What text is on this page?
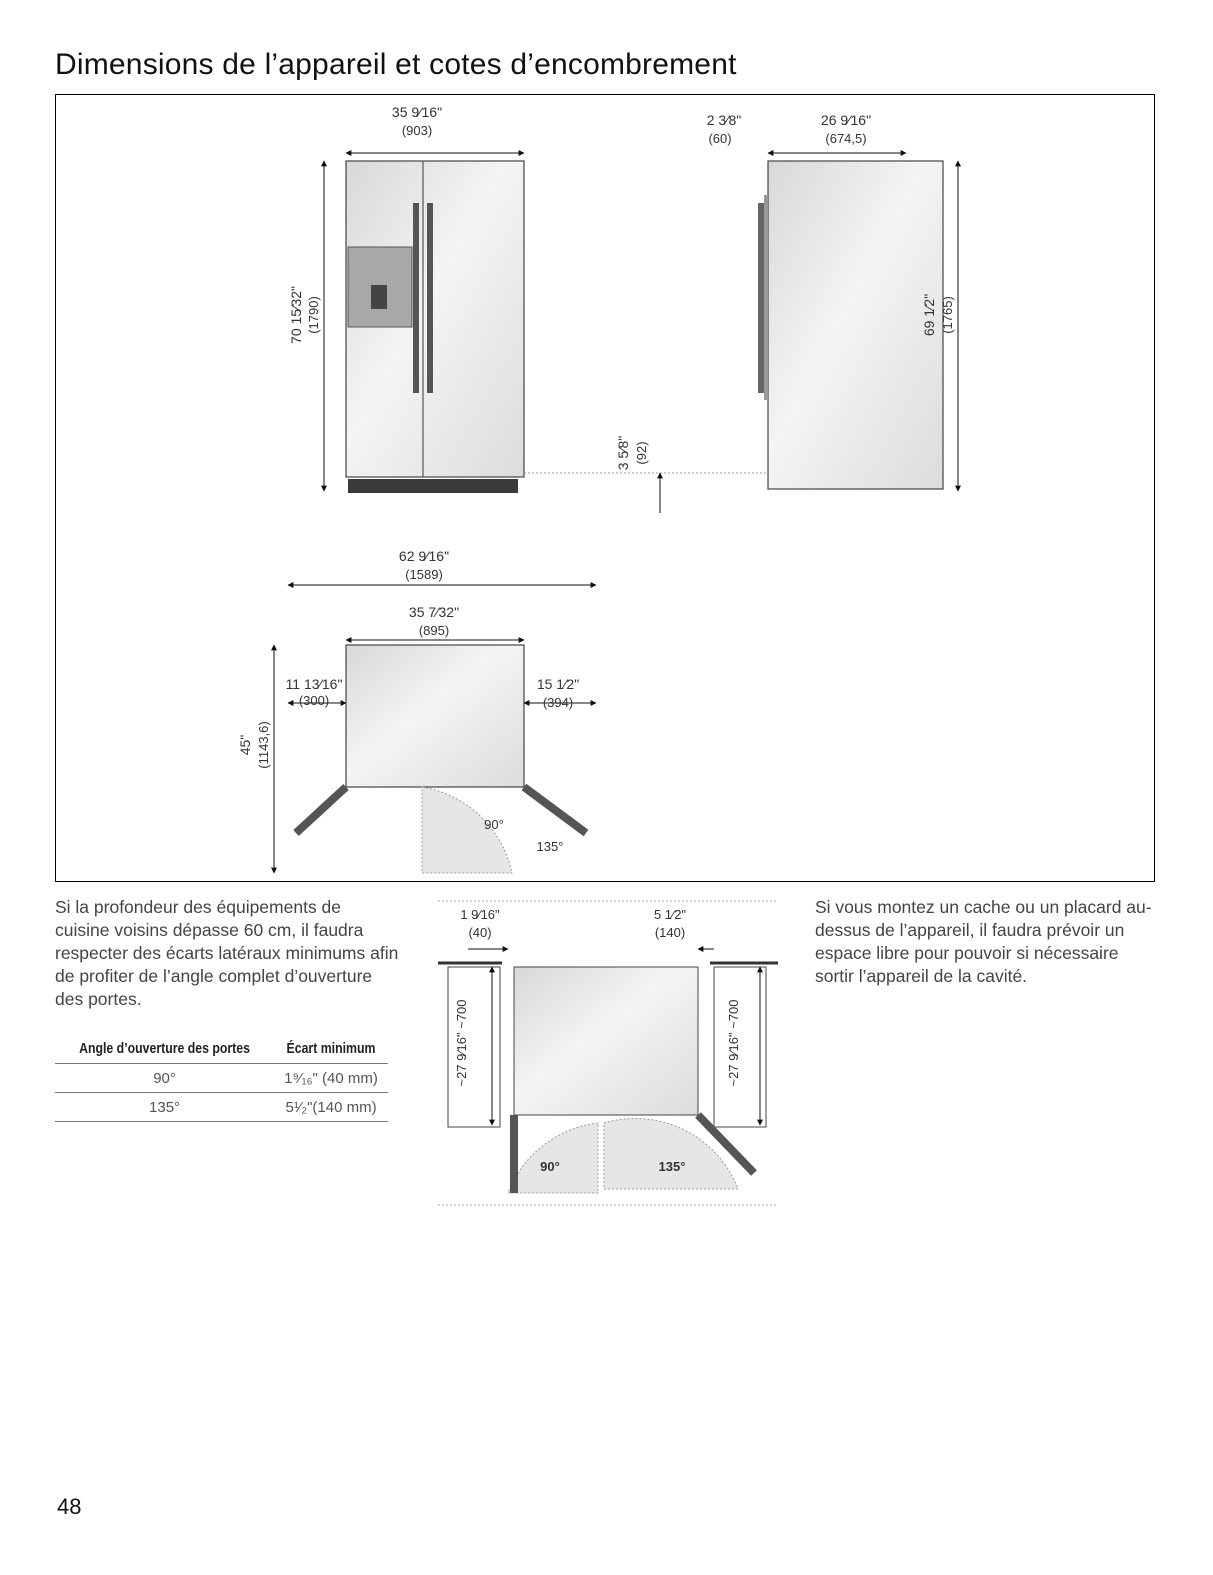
Dimensions de l’appareil et cotes d’encombrement
35 9⁄16"
(903)
70 15⁄32" (1790)
26 9⁄16"
(674,5)
2 3⁄8"
(60)
69 1⁄2" (1765)
3 5⁄8" (92)
62 9⁄16"
(1589)
35 7⁄32"
(895)
11 13⁄16"
(300)
15 1⁄2"
(394)
45" (1143,6)
90°
135°

Si la profondeur des équipements de cuisine voisins dépasse 60 cm, il faudra respecter des écarts latéraux minimums afin de profiter de l’angle complet d’ouverture des portes.

Angle d’ouverture des portes	Écart minimum
90°	1⁹⁄₁₆" (40 mm)
135°	5¹⁄₂"(140 mm)
~27 9⁄16" ~700	~27 9⁄16" ~700
1 9⁄16"
(40)
5 1⁄2"
(140)
90°	135°

Si vous montez un cache ou un placard au-dessus de l’appareil, il faudra prévoir un espace libre pour pouvoir si nécessaire sortir l’appareil de la cavité.

48
